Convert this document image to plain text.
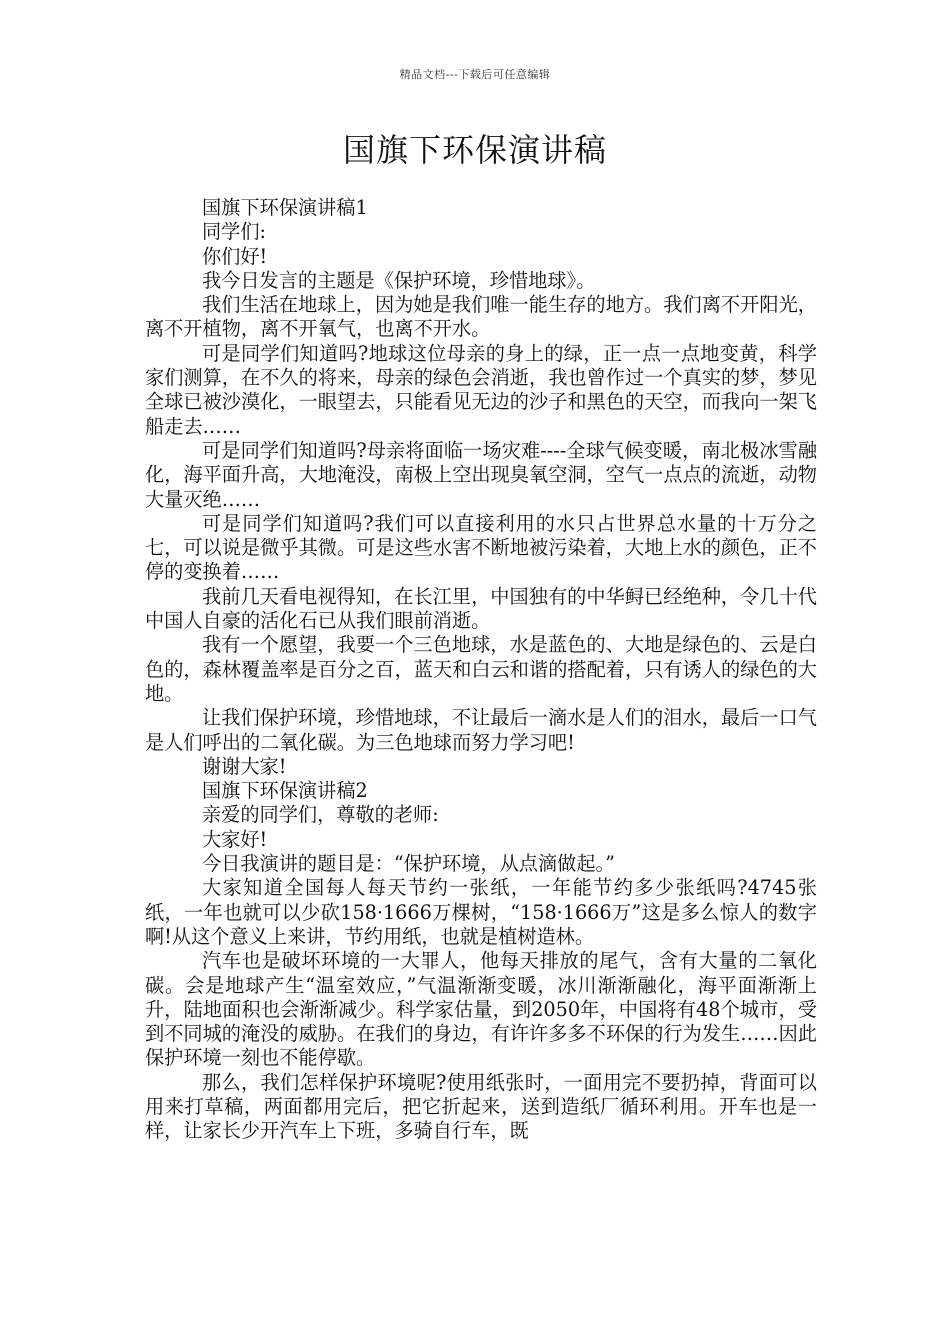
精品文档---下载后可任意编辑
国旗下环保演讲稿

国旗下环保演讲稿1

同学们:

你们好!

我今日发言的主题是《保护环境，珍惜地球》。

我们生活在地球上，因为她是我们唯一能生存的地方。我们离不开阳光，离不开植物，离不开氧气，也离不开水。

可是同学们知道吗?地球这位母亲的身上的绿，正一点一点地变黄，科学家们测算，在不久的将来，母亲的绿色会消逝，我也曾作过一个真实的梦，梦见全球已被沙漠化，一眼望去，只能看见无边的沙子和黑色的天空，而我向一架飞船走去……

可是同学们知道吗?母亲将面临一场灾难----全球气候变暖，南北极冰雪融化，海平面升高，大地淹没，南极上空出现臭氧空洞，空气一点点的流逝，动物大量灭绝……

可是同学们知道吗?我们可以直接利用的水只占世界总水量的十万分之七，可以说是微乎其微。可是这些水害不断地被污染着，大地上水的颜色，正不停的变换着……

我前几天看电视得知，在长江里，中国独有的中华鲟已经绝种，令几十代中国人自豪的活化石已从我们眼前消逝。

我有一个愿望，我要一个三色地球，水是蓝色的、大地是绿色的、云是白色的，森林覆盖率是百分之百，蓝天和白云和谐的搭配着，只有诱人的绿色的大地。

让我们保护环境，珍惜地球，不让最后一滴水是人们的泪水，最后一口气是人们呼出的二氧化碳。为三色地球而努力学习吧!

谢谢大家!

国旗下环保演讲稿2

亲爱的同学们，尊敬的老师:

大家好!

今日我演讲的题目是：“保护环境，从点滴做起。”

大家知道全国每人每天节约一张纸，一年能节约多少张纸吗?4745张纸，一年也就可以少砍158·1666万棵树，“158·1666万”这是多么惊人的数字啊!从这个意义上来讲，节约用纸，也就是植树造林。

汽车也是破坏环境的一大罪人，他每天排放的尾气，含有大量的二氧化碳。会是地球产生“温室效应，”气温渐渐变暖，冰川渐渐融化，海平面渐渐上升，陆地面积也会渐渐减少。科学家估量，到2050年，中国将有48个城市，受到不同城的淹没的威胁。在我们的身边，有许许多多不环保的行为发生……因此保护环境一刻也不能停歇。

那么，我们怎样保护环境呢?使用纸张时，一面用完不要扔掉，背面可以用来打草稿，两面都用完后，把它折起来，送到造纸厂循环利用。开车也是一样，让家长少开汽车上下班，多骑自行车，既
